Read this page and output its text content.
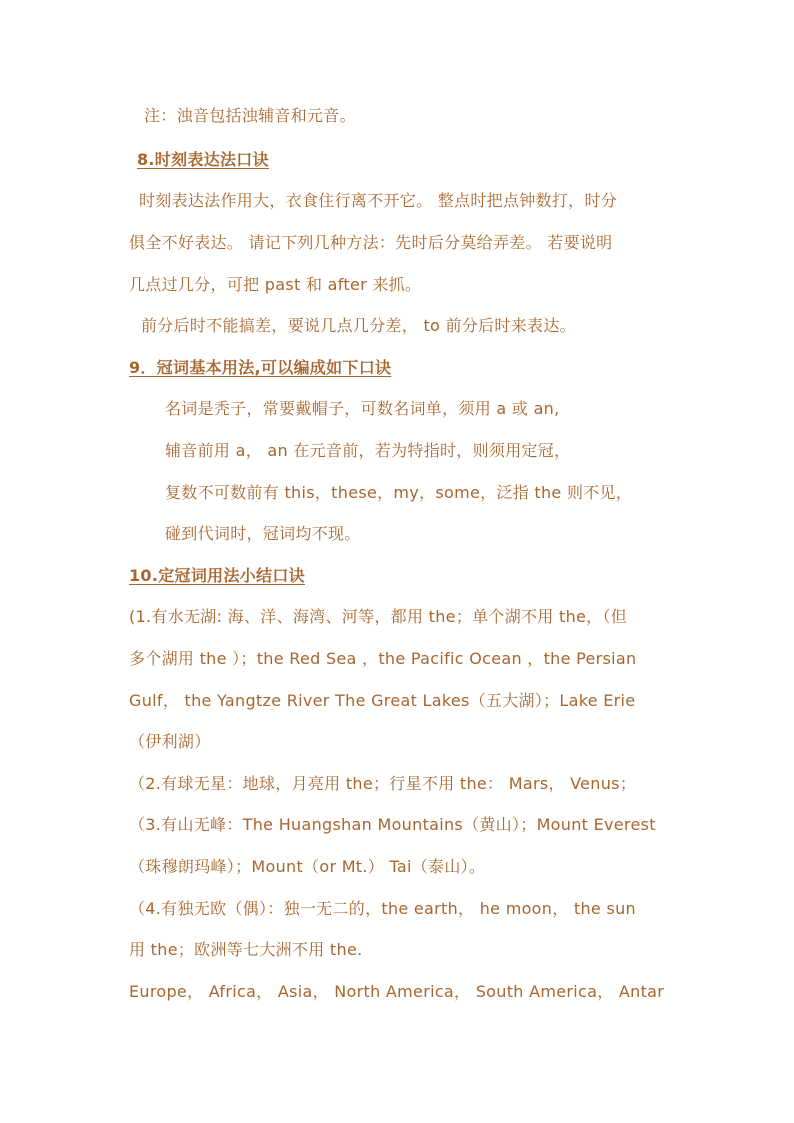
注：浊音包括浊辅音和元音。
8.时刻表达法口诀
时刻表达法作用大，衣食住行离不开它。 整点时把点钟数打，时分
俱全不好表达。 请记下列几种方法：先时后分莫给弄差。 若要说明
几点过几分，可把 past 和 after 来抓。
前分后时不能搞差，要说几点几分差， to 前分后时来表达。
9．冠词基本用法,可以编成如下口诀
名词是秃子，常要戴帽子，可数名词单，须用 a 或 an,
辅音前用 a， an 在元音前，若为特指时，则须用定冠，
复数不可数前有 this，these，my，some，泛指 the 则不见，
碰到代词时，冠词均不现。
10.定冠词用法小结口诀
(1.有水无湖: 海、洋、海湾、河等，都用 the；单个湖不用 the，（但
多个湖用 the ）；the Red Sea ，the Pacific Ocean ，the Persian
Gulf， the Yangtze River The Great Lakes（五大湖）；Lake Erie
（伊利湖）
（2.有球无星：地球，月亮用 the；行星不用 the： Mars， Venus；
（3.有山无峰：The Huangshan Mountains（黄山）；Mount Everest
（珠穆朗玛峰）；Mount（or Mt.） Tai（泰山）。
（4.有独无欧（偶）：独一无二的，the earth， he moon， the sun
用 the；欧洲等七大洲不用 the.
Europe， Africa， Asia， North America， South America， Antar
